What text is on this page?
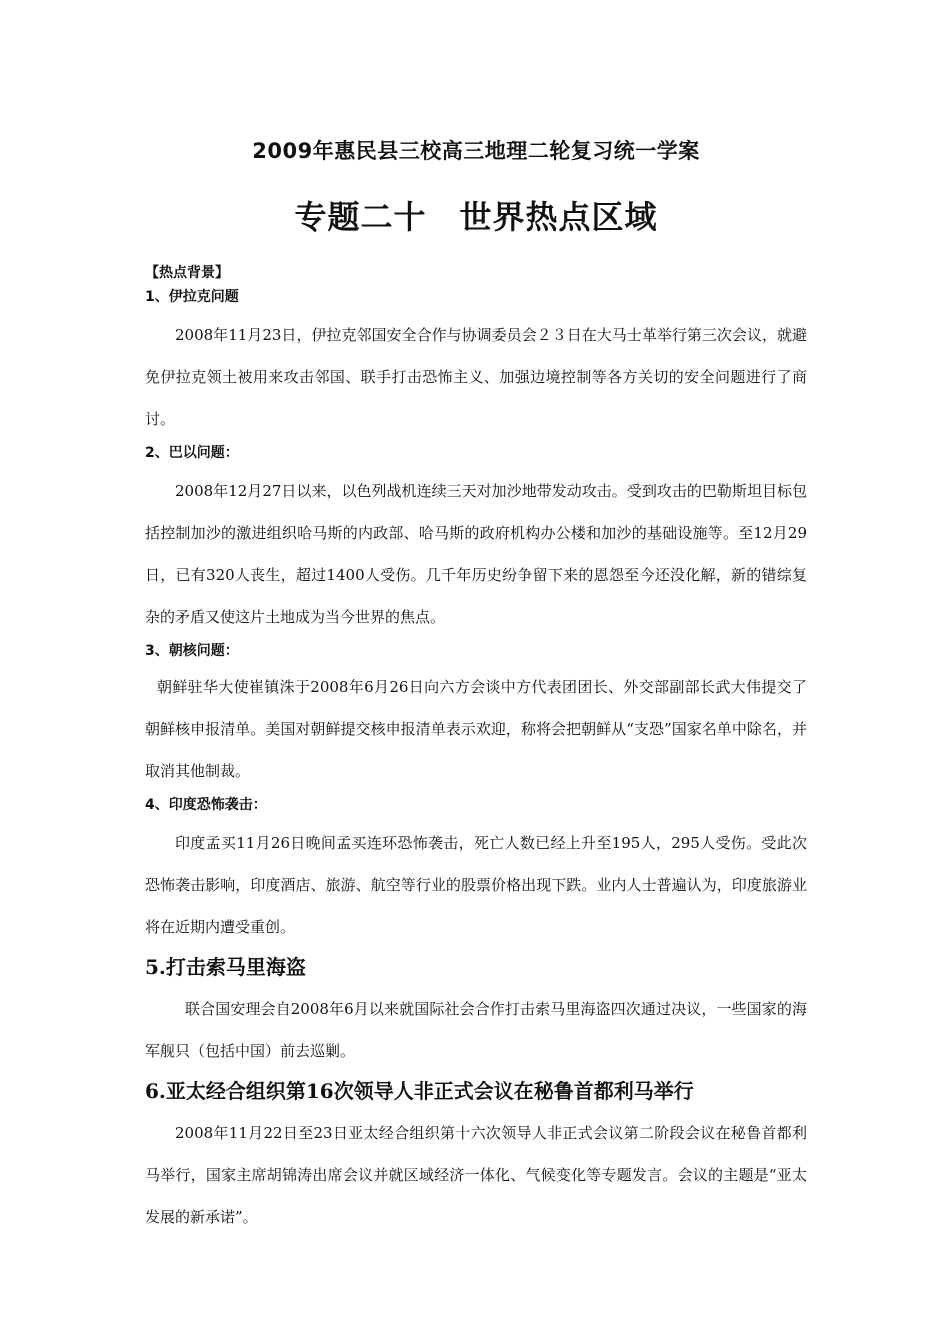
2009年惠民县三校高三地理二轮复习统一学案
专题二十　世界热点区域

【热点背景】

1、伊拉克问题

2008年11月23日，伊拉克邻国安全合作与协调委员会２３日在大马士革举行第三次会议，就避免伊拉克领土被用来攻击邻国、联手打击恐怖主义、加强边境控制等各方关切的安全问题进行了商讨。

2、巴以问题：

2008年12月27日以来，以色列战机连续三天对加沙地带发动攻击。受到攻击的巴勒斯坦目标包括控制加沙的激进组织哈马斯的内政部、哈马斯的政府机构办公楼和加沙的基础设施等。至12月29日，已有320人丧生，超过1400人受伤。几千年历史纷争留下来的恩怨至今还没化解，新的错综复杂的矛盾又使这片土地成为当今世界的焦点。

3、朝核问题：

朝鲜驻华大使崔镇洙于2008年6月26日向六方会谈中方代表团团长、外交部副部长武大伟提交了朝鲜核申报清单。美国对朝鲜提交核申报清单表示欢迎，称将会把朝鲜从“支恐”国家名单中除名，并取消其他制裁。

4、印度恐怖袭击：

印度孟买11月26日晚间孟买连环恐怖袭击，死亡人数已经上升至195人，295人受伤。受此次恐怖袭击影响，印度酒店、旅游、航空等行业的股票价格出现下跌。业内人士普遍认为，印度旅游业将在近期内遭受重创。

5.打击索马里海盗

联合国安理会自2008年6月以来就国际社会合作打击索马里海盗四次通过决议，一些国家的海军舰只（包括中国）前去巡剿。

6.亚太经合组织第16次领导人非正式会议在秘鲁首都利马举行

2008年11月22日至23日亚太经合组织第十六次领导人非正式会议第二阶段会议在秘鲁首都利马举行，国家主席胡锦涛出席会议并就区域经济一体化、气候变化等专题发言。会议的主题是“亚太发展的新承诺”。
